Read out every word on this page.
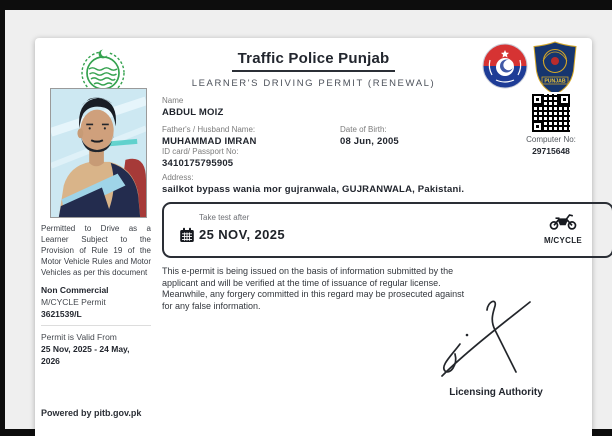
Traffic Police Punjab
LEARNER'S DRIVING PERMIT (RENEWAL)	PUNJAB
Computer No:
29715648
Permitted to Drive as a Learner Subject to the Provision of Rule 19 of the Motor Vehicle Rules and Motor Vehicles as per this document
Non Commercial
M/CYCLE Permit
3621539/L
Permit is Valid From
25 Nov, 2025 - 24 May, 2026
Powered by pitb.gov.pk
Name
ABDUL MOIZ
Father's / Husband Name:
MUHAMMAD IMRAN
Date of Birth:
08 Jun, 2005
ID card/ Passport No:
3410175795905
Address:
sailkot bypass wania mor gujranwala, GUJRANWALA, Pakistani.
Take test after
25 NOV, 2025	M/CYCLE
This e-permit is being issued on the basis of information submitted by the applicant and will be verified at the time of issuance of regular license. Meanwhile, any forgery committed in this regard may be prosecuted against for any false information.
Licensing Authority
